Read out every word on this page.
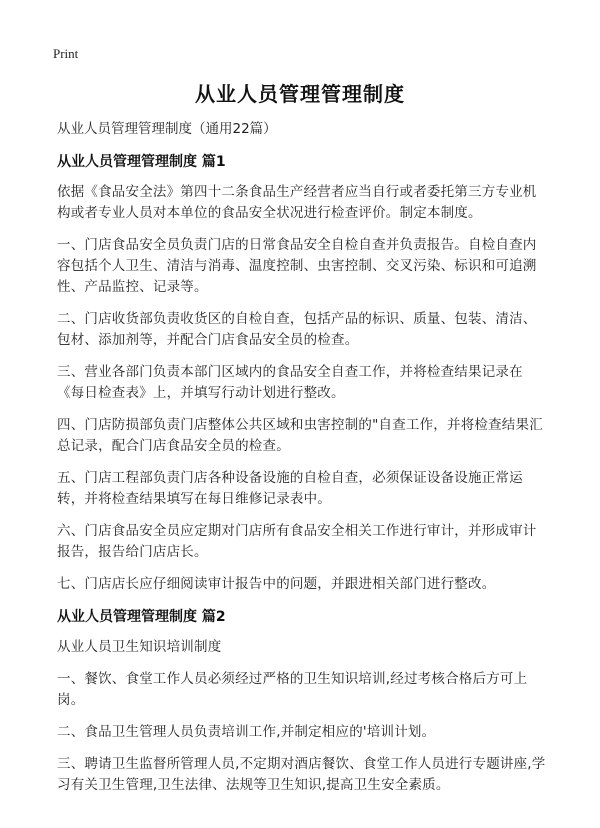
Print
从业人员管理管理制度
从业人员管理管理制度（通用22篇）
从业人员管理管理制度 篇1
依据《食品安全法》第四十二条食品生产经营者应当自行或者委托第三方专业机构或者专业人员对本单位的食品安全状况进行检查评价。制定本制度。
一、门店食品安全员负责门店的日常食品安全自检自查并负责报告。自检自查内容包括个人卫生、清洁与消毒、温度控制、虫害控制、交叉污染、标识和可追溯性、产品监控、记录等。
二、门店收货部负责收货区的自检自查，包括产品的标识、质量、包装、清洁、包材、添加剂等，并配合门店食品安全员的检查。
三、营业各部门负责本部门区域内的食品安全自查工作，并将检查结果记录在《每日检查表》上，并填写行动计划进行整改。
四、门店防损部负责门店整体公共区域和虫害控制的"自查工作，并将检查结果汇总记录，配合门店食品安全员的检查。
五、门店工程部负责门店各种设备设施的自检自查，必须保证设备设施正常运转，并将检查结果填写在每日维修记录表中。
六、门店食品安全员应定期对门店所有食品安全相关工作进行审计，并形成审计报告，报告给门店店长。
七、门店店长应仔细阅读审计报告中的问题，并跟进相关部门进行整改。
从业人员管理管理制度 篇2
从业人员卫生知识培训制度
一、餐饮、食堂工作人员必须经过严格的卫生知识培训,经过考核合格后方可上岗。
二、食品卫生管理人员负责培训工作,并制定相应的'培训计划。
三、聘请卫生监督所管理人员,不定期对酒店餐饮、食堂工作人员进行专题讲座,学习有关卫生管理,卫生法律、法规等卫生知识,提高卫生安全素质。
